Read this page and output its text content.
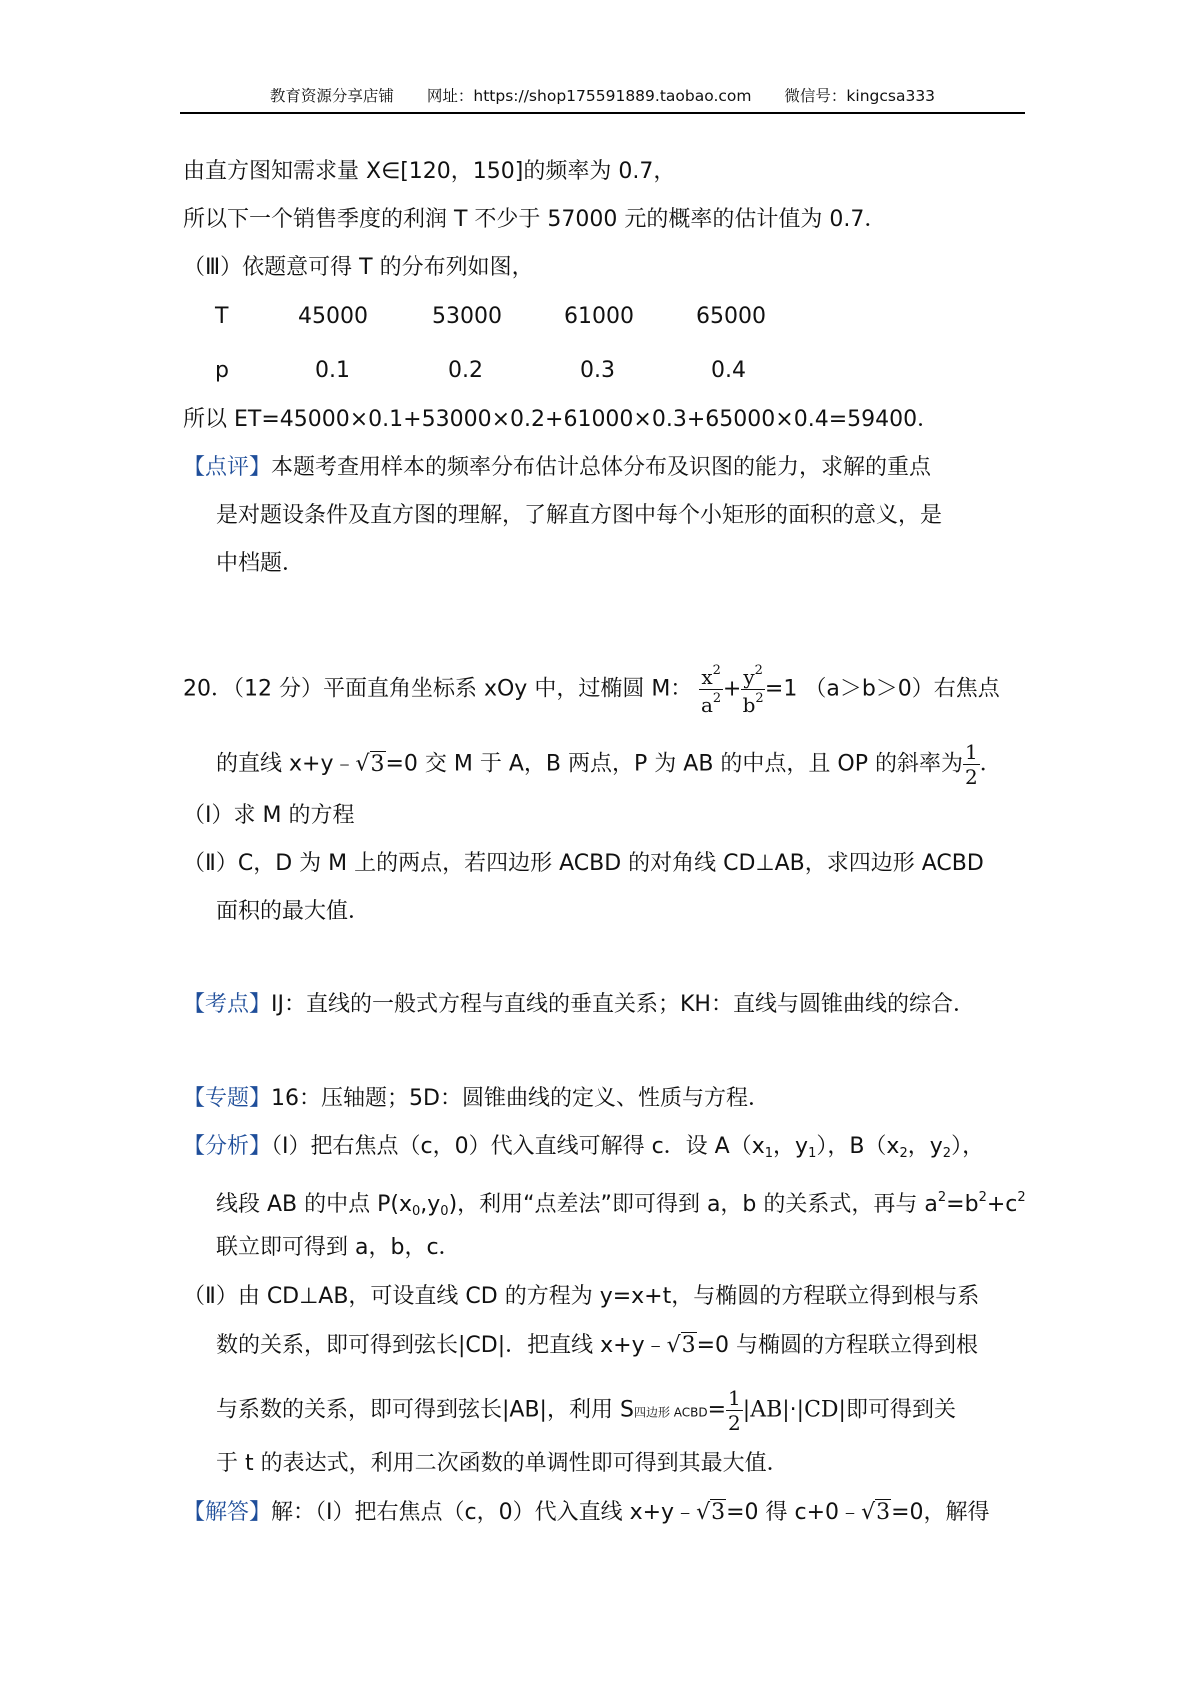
教育资源分享店铺 网址：https://shop175591889.taobao.com 微信号：kingcsa333
由直方图知需求量 X∈[120，150]的频率为 0.7，
所以下一个销售季度的利润 T 不少于 57000 元的概率的估计值为 0.7．
（Ⅲ）依题意可得 T 的分布列如图，
T	45000	53000	61000	65000
p	0.1	0.2	0.3	0.4
所以 ET=45000×0.1+53000×0.2+61000×0.3+65000×0.4=59400．
【点评】本题考查用样本的频率分布估计总体分布及识图的能力，求解的重点
是对题设条件及直方图的理解，了解直方图中每个小矩形的面积的意义，是
中档题．
20．（12 分）平面直角坐标系 xOy 中，过椭圆 M： $\frac{x^2}{a^2} + \frac{y^2}{b^2} =1$ （a＞b＞0）右焦点
的直线 x+y﹣√3=0 交 M 于 A，B 两点，P 为 AB 的中点，且 OP 的斜率为 $\frac{1}{2}$ ．
（Ⅰ）求 M 的方程
（Ⅱ）C，D 为 M 上的两点，若四边形 ACBD 的对角线 CD⊥AB，求四边形 ACBD
面积的最大值．
【考点】IJ：直线的一般式方程与直线的垂直关系；KH：直线与圆锥曲线的综合．
【专题】16：压轴题；5D：圆锥曲线的定义、性质与方程．
【分析】（Ⅰ）把右焦点（c，0）代入直线可解得 c．设 $A(x_1$，$y_1$），$B(x_2$，$y_2$），
线段 AB 的中点 $P(x_0,y_0)$，利用“点差法”即可得到 a，b 的关系式，再与 $a^2=b^2+c^2$
联立即可得到 a，b，c．
（Ⅱ）由 CD⊥AB，可设直线 CD 的方程为 y=x+t，与椭圆的方程联立得到根与系
数的关系，即可得到弦长|CD|．把直线 x+y﹣√3=0 与椭圆的方程联立得到根
与系数的关系，即可得到弦长|AB|，利用 S四边形 ACBD= $\frac{1}{2} |AB|\cdot|CD|$即可得到关
于 t 的表达式，利用二次函数的单调性即可得到其最大值．
【解答】解：（Ⅰ）把右焦点（c，0）代入直线 x+y﹣√3=0 得 c+0﹣√3=0，解得
